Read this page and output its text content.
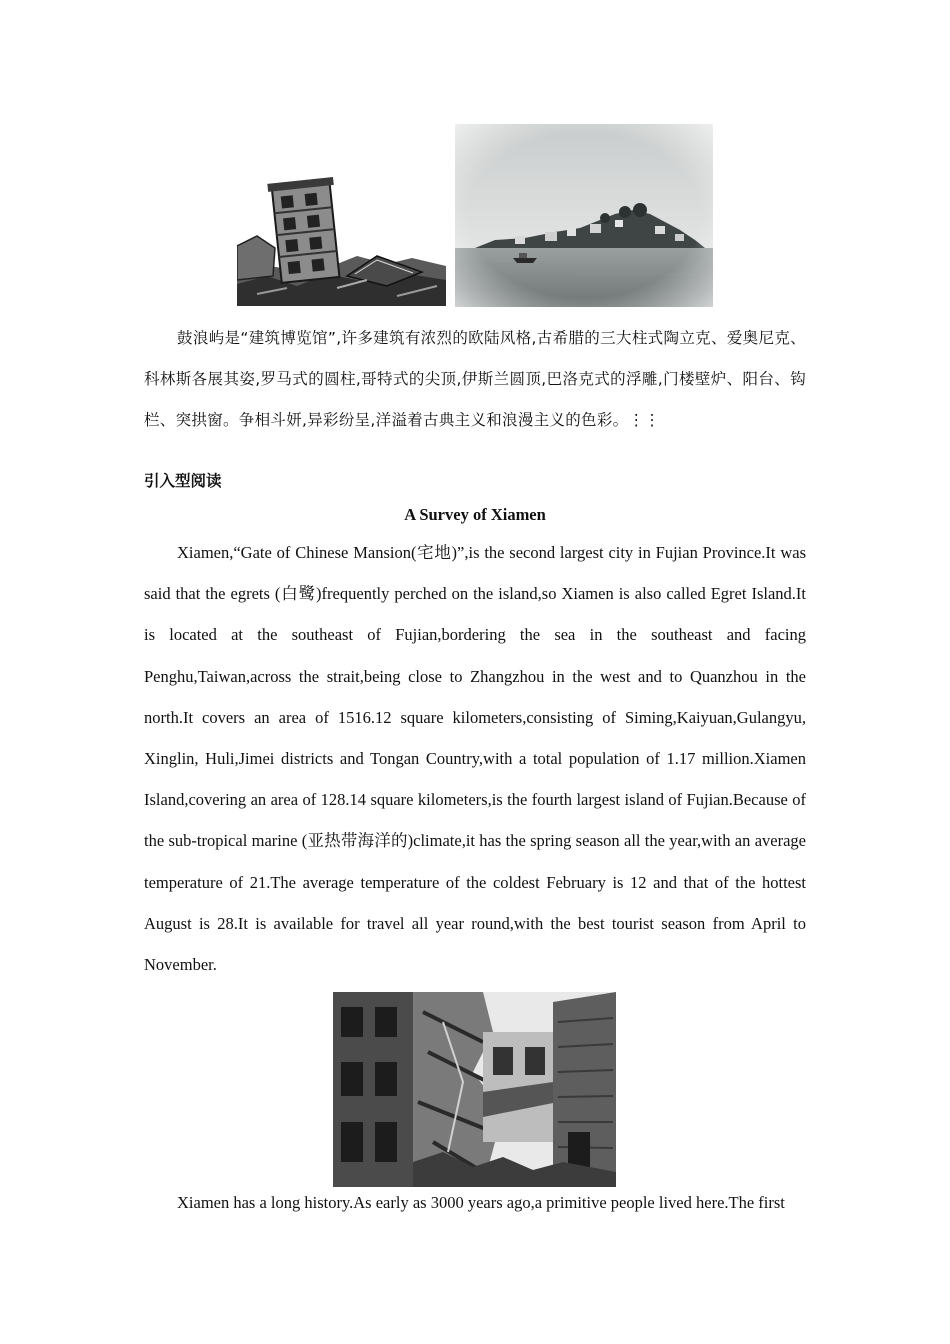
鼓浪屿是“建筑博览馆”,许多建筑有浓烈的欧陆风格,古希腊的三大柱式陶立克、爱奥尼克、科林斯各展其姿,罗马式的圆柱,哥特式的尖顶,伊斯兰圆顶,巴洛克式的浮雕,门楼壁炉、阳台、钩栏、突拱窗。争相斗妍,异彩纷呈,洋溢着古典主义和浪漫主义的色彩。⋮⋮

引入型阅读

A Survey of Xiamen

Xiamen,“Gate of Chinese Mansion(宅地)”,is the second largest city in Fujian Province.It was said that the egrets (白鹭)frequently perched on the island,so Xiamen is also called Egret Island.It is located at the southeast of Fujian,bordering the sea in the southeast and facing Penghu,Taiwan,across the strait,being close to Zhangzhou in the west and to Quanzhou in the north.It covers an area of 1516.12 square kilometers,consisting of Siming,Kaiyuan,Gulangyu, Xinglin, Huli,Jimei districts and Tongan Country,with a total population of 1.17 million.Xiamen Island,covering an area of 128.14 square kilometers,is the fourth largest island of Fujian.Because of the sub-tropical marine (亚热带海洋的)climate,it has the spring season all the year,with an average temperature of 21.The average temperature of the coldest February is 12 and that of the hottest August is 28.It is available for travel all year round,with the best tourist season from April to November.

Xiamen has a long history.As early as 3000 years ago,a primitive people lived here.The first
